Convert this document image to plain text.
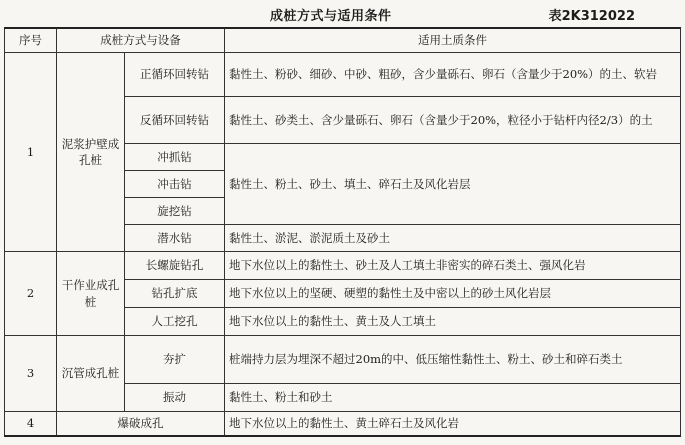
成桩方式与适用条件	表2K312022
序号	成桩方式与设备		适用土质条件
1	泥浆护壁成孔桩	正循环回转钻	黏性土、粉砂、细砂、中砂、粗砂，含少量砾石、卵石（含量少于20%）的土、软岩
		反循环回转钻	黏性土、砂类土、含少量砾石、卵石（含量少于20%，粒径小于钻杆内径2/3）的土
		冲抓钻	黏性土、粉土、砂土、填土、碎石土及风化岩层
		冲击钻	
		旋挖钻	
		潜水钻	黏性土、淤泥、淤泥质土及砂土
2	干作业成孔桩	长螺旋钻孔	地下水位以上的黏性土、砂土及人工填土非密实的碎石类土、强风化岩
		钻孔扩底	地下水位以上的坚硬、硬塑的黏性土及中密以上的砂土风化岩层
		人工挖孔	地下水位以上的黏性土、黄土及人工填土
3	沉管成孔桩	夯扩	桩端持力层为埋深不超过20m的中、低压缩性黏性土、粉土、砂土和碎石类土
		振动	黏性土、粉土和砂土
4	爆破成孔		地下水位以上的黏性土、黄土碎石土及风化岩
